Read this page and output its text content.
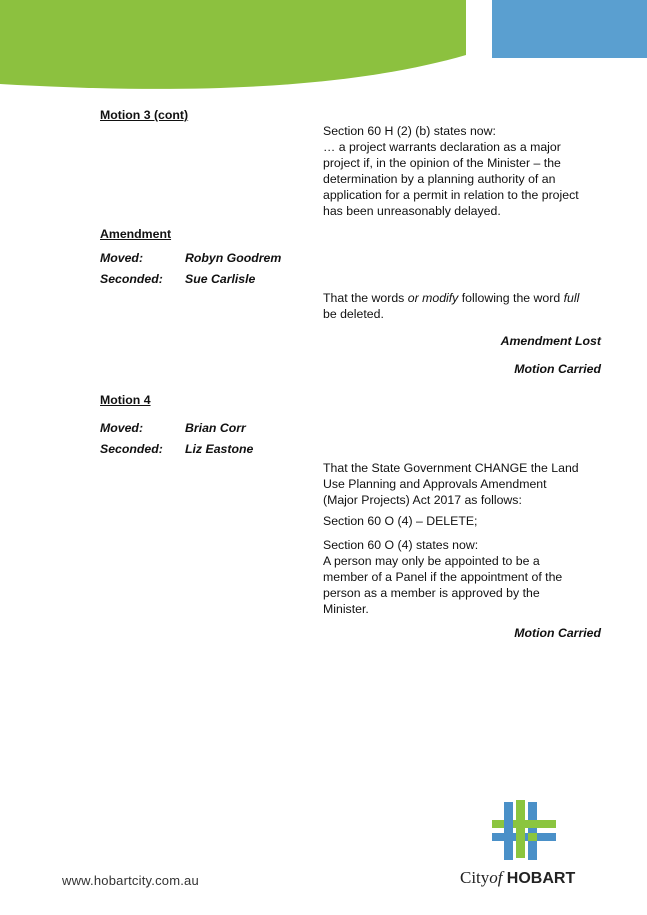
Motion 3 (cont)
Section 60 H (2) (b) states now:
… a project warrants declaration as a major
project if, in the opinion of the Minister – the
determination by a planning authority of an
application for a permit in relation to the project
has been unreasonably delayed.
Amendment
Moved:	Robyn Goodrem
Seconded: Sue Carlisle
That the words or modify following the word full
be deleted.
Amendment Lost
Motion Carried
Motion 4
Moved:	Brian Corr
Seconded: Liz Eastone
That the State Government CHANGE the Land
Use Planning and Approvals Amendment
(Major Projects) Act 2017 as follows:
Section 60 O (4) – DELETE;
Section 60 O (4) states now:
A person may only be appointed to be a
member of a Panel if the appointment of the
person as a member is approved by the
Minister.
Motion Carried
www.hobartcity.com.au	Cityof HOBART
